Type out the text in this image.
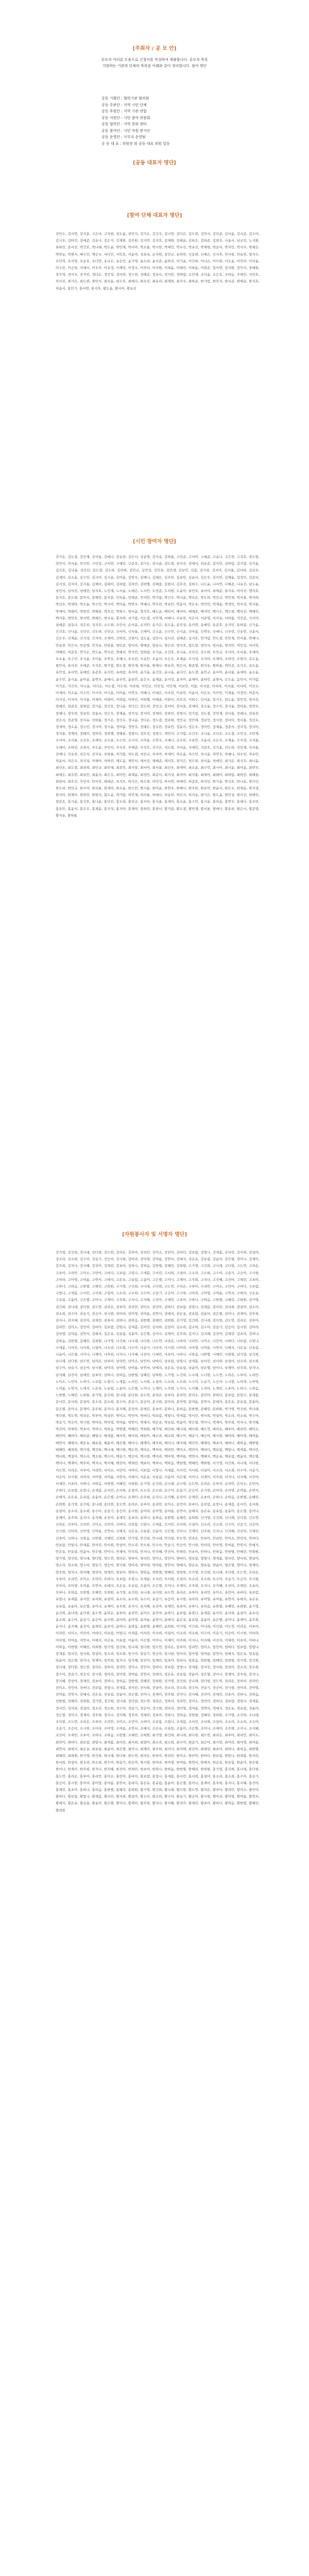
[주최자 / 공 모 안]
공모자 여러분 도움으로 신청서를 작성하여 제출합니다. 공모자 목록
지원하는 기관과 단체의 목록을 아래와 같이 정리합니다. 참여 명단
공동 기획단 : 협력기관 협의회
공동 주관단 : 지역 시민 단체
공동 후원단 : 지역 기관 연합
공동 지원단 : 시민 참여 위원회
공동 협력단 : 지역 문화 센터
공동 참여단 : 시민 자원 봉사단
공동 운영단 : 사무국 운영팀
공 동 대 표 : 위원장 외 공동 대표 위원 일동
[공동 대표자 명단]
[참여 단체 대표자 명단]
강민수, 강서연, 강지훈, 고은비, 구자현, 권도윤, 권민지, 김가은, 김건우, 김나연, 김다은, 김도현, 김민서, 김민준, 김서윤, 김서준, 김수아, 김시우, 김아린, 김예준, 김유나, 김은지, 김재원, 김주원, 김지안, 김지호, 김채원, 김태윤, 김하은, 김하준, 김현우, 나윤서, 남궁민, 노지환, 류하린, 문서진, 박건호, 박나래, 박도윤, 박민재, 박서아, 박소율, 박시현, 박예린, 박우진, 박유진, 박재현, 박준서, 박지민, 박지우, 박채은, 박하늘, 박현서, 배수민, 백승우, 서다인, 서민호, 서윤아, 성유리, 손지원, 송민규, 송하연, 신동현, 신예은, 신지후, 안서현, 안유찬, 양지수, 오민혁, 오서영, 오준호, 우다연, 유나은, 유승민, 윤가영, 윤도하, 윤서준, 윤하진, 이가윤, 이건희, 이나은, 이다현, 이도윤, 이민아, 이서윤, 이수빈, 이승현, 이예서, 이우주, 이유정, 이재민, 이정우, 이주아, 이지원, 이채윤, 이태민, 이하윤, 이현준, 임서연, 임지환, 장민서, 장예원, 장우혁, 전서우, 전지민, 정다은, 정민성, 정서하, 정수현, 정예준, 정유나, 정지안, 정하람, 조민재, 조서윤, 조은호, 조하늘, 주예린, 지민호, 차서진, 최가은, 최도현, 최민서, 최서윤, 최수호, 최예나, 최우진, 최유리, 최재희, 최지우, 최하준, 한가람, 한민지, 한서준, 한예슬, 한지호, 허윤서, 홍민기, 홍서연, 홍지후, 황도윤, 황서아, 황유진
[시민 참여자 명단]
강가온, 강도겸, 강민재, 강서율, 강예나, 강유찬, 강은서, 강준영, 강지유, 강하율, 고민준, 고서아, 고예준, 고유나, 고은찬, 고지호, 곽도현, 곽민서, 곽서윤, 곽지안, 구민성, 구서연, 구예린, 구준호, 권가은, 권나윤, 권도현, 권서진, 권예서, 권유준, 권지민, 권하람, 김가람, 김가윤, 김건호, 김나윤, 김다인, 김도겸, 김도하, 김라희, 김민규, 김민성, 김민유, 김민채, 김보민, 김봄, 김사랑, 김서아, 김서율, 김서하, 김선우, 김세아, 김소윤, 김수민, 김시아, 김시윤, 김아윤, 김연우, 김예나, 김예은, 김우빈, 김유안, 김윤서, 김은우, 김이안, 김재윤, 김정민, 김준서, 김지성, 김지아, 김지율, 김채아, 김태이, 김하람, 김하린, 김하엘, 김해솔, 김현서, 김호진, 김희수, 나도윤, 나서연, 나예준, 나유진, 남도윤, 남민서, 남서진, 남예린, 남지호, 노민재, 노서윤, 노예은, 노지안, 도민준, 도서현, 도윤아, 류민호, 류서아, 류예준, 류지유, 마서진, 맹지호, 문가은, 문도현, 문민서, 문예린, 문지훈, 민서윤, 민예준, 민지안, 박가람, 박건우, 박나윤, 박다온, 박도하, 박민규, 박민채, 박서율, 박서하, 박선우, 박세아, 박소윤, 박수민, 박시아, 박아윤, 박연우, 박예나, 박우빈, 박유안, 박윤서, 박은우, 박이안, 박재윤, 박정민, 박지성, 박지율, 박채아, 박태이, 박하린, 박해솔, 박호진, 박희수, 방서윤, 방지호, 배도윤, 배민서, 배서아, 배예준, 배지안, 백가은, 백도현, 백서진, 백예린, 백지훈, 변민호, 변서연, 변예은, 변지유, 봉서하, 서가람, 서도겸, 서민재, 서예나, 서유찬, 서은서, 서준영, 서지유, 서하율, 석민준, 석서아, 설예준, 설유나, 성은찬, 성지호, 소도현, 소민서, 손서윤, 손지안, 송가은, 송도윤, 송민성, 송서연, 송예린, 송준호, 송지민, 송하람, 신가윤, 신건호, 신나윤, 신다인, 신도하, 신민규, 신서아, 신서율, 신세아, 신소윤, 신수민, 신시윤, 신아윤, 신연우, 신예나, 신우빈, 신유안, 신윤서, 신은우, 신재윤, 신지성, 신지아, 신채아, 신하린, 신현서, 심도윤, 심민서, 심서진, 심예준, 심지호, 안가람, 안도겸, 안민재, 안서율, 안예나, 안유찬, 안은서, 안준영, 안지유, 안하율, 양민준, 양서아, 양예준, 양유나, 양은찬, 양지호, 엄도현, 엄민서, 엄서윤, 엄지안, 여민성, 여서연, 여예린, 여준호, 연가은, 연도윤, 연서진, 연예서, 연지민, 염하람, 오가윤, 오건호, 오나윤, 오다인, 오도하, 오민규, 오서아, 오서율, 오세아, 오소윤, 오수민, 오시윤, 오아윤, 오연우, 오예나, 오우빈, 오유안, 오윤서, 오은우, 오재윤, 오지성, 오지아, 오채아, 오하린, 오현서, 옥도윤, 왕민서, 용서진, 우예준, 우지호, 원가람, 원도겸, 원민재, 원서율, 원예나, 원유찬, 원은서, 원준영, 원지유, 원하율, 위민준, 유가은, 유도윤, 유민성, 유서연, 유예린, 유준호, 유지민, 유하람, 육서아, 윤가윤, 윤건호, 윤나윤, 윤다인, 윤도겸, 윤민규, 윤서아, 윤서율, 윤세아, 윤소윤, 윤수민, 윤시윤, 윤아윤, 윤연우, 윤예나, 윤우빈, 윤유안, 윤은우, 윤재윤, 윤지성, 윤지아, 윤채아, 윤하린, 윤현서, 은도윤, 음민서, 이가람, 이가온, 이건우, 이나윤, 이다온, 이도겸, 이도하, 이라희, 이민규, 이민성, 이민채, 이보민, 이봄, 이사랑, 이서아, 이서율, 이서하, 이선우, 이세아, 이소윤, 이수민, 이시아, 이시윤, 이아윤, 이연우, 이예나, 이예은, 이우빈, 이유안, 이윤서, 이은우, 이이안, 이재윤, 이정민, 이준서, 이지성, 이지아, 이지율, 이채아, 이태이, 이하람, 이하린, 이하엘, 이해솔, 이현서, 이호진, 이희수, 인서윤, 임가은, 임도윤, 임민성, 임서진, 임예린, 임준호, 임하람, 장가윤, 장건호, 장나윤, 장다인, 장도하, 장민규, 장서아, 장서율, 장세아, 장소윤, 장수민, 장시윤, 장아윤, 장연우, 장예나, 장우빈, 장유안, 장윤서, 장은우, 장재윤, 장지성, 장지아, 장채아, 장하린, 장현서, 전가람, 전도겸, 전민재, 전서율, 전예나, 전유찬, 전은서, 전준영, 전지유, 전하율, 정가온, 정건우, 정나윤, 정다온, 정도겸, 정라희, 정민규, 정민채, 정보민, 정사랑, 정서아, 정서율, 정선우, 정세아, 정소윤, 정수민, 정시아, 정시윤, 정아윤, 정연우, 정예은, 정우빈, 정유안, 정윤서, 정은우, 정이안, 정재윤, 정준서, 정지성, 정지아, 정지율, 정채아, 정태이, 정하린, 정하엘, 정해솔, 정현서, 정호진, 정희수, 제민서, 조가람, 조건우, 조나윤, 조다온, 조도겸, 조민규, 조민채, 조서아, 조서율, 조선우, 조세아, 조소윤, 조수민, 조시아, 조아윤, 조연우, 조예나, 조우빈, 조유안, 조윤서, 조은우, 조재윤, 조지성, 조지율, 조채아, 조하린, 조현서, 주도윤, 주민서, 주서진, 주예준, 주지호, 지가은, 지도현, 지서윤, 지예린, 지준호, 진가윤, 진도하, 진민재, 진서율, 진예나, 진유찬, 진은서, 진지유, 진하율, 차가람, 차도겸, 차민규, 차서아, 차세아, 차소윤, 차수민, 차시윤, 차연우, 차예나, 차우빈, 차유안, 차윤서, 차은우, 차지성, 차채아, 차하린, 채도윤, 채민서, 채서진, 채예준, 채지호, 천가은, 천도현, 천서윤, 천예린, 최가온, 최건우, 최나윤, 최다온, 최도겸, 최라희, 최민규, 최민채, 최보민, 최사랑, 최서아, 최서율, 최선우, 최세아, 최소윤, 최수민, 최시아, 최시윤, 최아윤, 최연우, 최예은, 최우빈, 최유안, 최윤서, 최은우, 최이안, 최재윤, 최정민, 최준서, 최지성, 최지아, 최지율, 최채아, 최태이, 최하람, 최하린, 최해솔, 최현서, 최호진, 추민서, 탁서진, 태예준, 표지호, 하가은, 하도현, 하민성, 하서연, 하예린, 하준호, 하지민, 한가윤, 한건호, 한나윤, 한다인, 한도하, 한민규, 한서아, 한서율, 한세아, 한소윤, 한수민, 한시윤, 한아윤, 한연우, 한예나, 한우빈, 한유안, 한윤서, 한은우, 한재윤, 한지성, 한지아, 한채아, 한하린, 한현서, 함도윤, 허가람, 허민재, 허서율, 허예나, 허유찬, 허은서, 허지유, 현가은, 현도윤, 현민성, 현서진, 현예린, 현준호, 홍가윤, 홍건호, 홍나윤, 홍다인, 홍도하, 홍민규, 홍서아, 홍서율, 홍세아, 홍소윤, 홍수민, 홍시윤, 홍아윤, 홍연우, 홍예나, 홍우빈, 홍유안, 홍윤서, 홍은우, 홍재윤, 홍지성, 홍지아, 홍채아, 홍하린, 홍현서, 황가람, 황도겸, 황민재, 황서율, 황예나, 황유찬, 황은서, 황준영, 황지유, 황하율
[자원봉사자 및 서명자 명단]
강가영, 강건희, 강나래, 강다현, 강도연, 강라온, 강루아, 강리안, 강미소, 강민아, 강바다, 강보람, 강빛나, 강새봄, 강서린, 강서희, 강설아, 강소라, 강소희, 강수아, 강슬기, 강승아, 강시현, 강아라, 강아영, 강여름, 강연서, 강예지, 강온유, 강유림, 강윤아, 강은별, 강이나, 강재이, 강주희, 강지나, 강지혜, 강진아, 강채린, 강초아, 강하나, 강하음, 강한별, 강혜린, 강희원, 고가영, 고건희, 고나래, 고다현, 고도연, 고라온, 고루아, 고리안, 고미소, 고민아, 고바다, 고보람, 고빛나, 고새봄, 고서린, 고서희, 고설아, 고소라, 고소희, 고수아, 고슬기, 고승아, 고시현, 고아라, 고아영, 고여름, 고연서, 고예지, 고온유, 고유림, 고윤아, 고은별, 고이나, 고재이, 고주희, 고지나, 고지혜, 고진아, 고채린, 고초아, 고하나, 고하음, 고한별, 고혜린, 고희원, 구가영, 구건희, 구나래, 구다현, 구도연, 구라온, 구루아, 구리안, 구미소, 구민아, 구바다, 구보람, 구빛나, 구새봄, 구서린, 구서희, 구설아, 구소라, 구소희, 구수아, 구슬기, 구승아, 구시현, 구아라, 구아영, 구여름, 구연서, 구예지, 구온유, 구유림, 구윤아, 구은별, 구이나, 구재이, 구주희, 구지나, 구지혜, 구진아, 구채린, 구초아, 구하나, 구하음, 구한별, 구혜린, 구희원, 권가영, 권건희, 권나래, 권다현, 권도연, 권라온, 권루아, 권리안, 권미소, 권민아, 권바다, 권보람, 권빛나, 권새봄, 권서린, 권서희, 권설아, 권소라, 권소희, 권수아, 권슬기, 권승아, 권시현, 권아라, 권아영, 권여름, 권연서, 권예지, 권온유, 권유림, 권윤아, 권은별, 권이나, 권재이, 권주희, 권지나, 권지혜, 권진아, 권채린, 권초아, 권하나, 권하음, 권한별, 권혜린, 권희원, 김가영, 김건희, 김나래, 김다현, 김도연, 김라온, 김루아, 김리안, 김미소, 김민아, 김바다, 김보람, 김빛나, 김새봄, 김서린, 김서희, 김설아, 김소라, 김소희, 김수아, 김슬기, 김승아, 김시현, 김아라, 김아영, 김여름, 김연서, 김예지, 김온유, 김유림, 김윤아, 김은별, 김이나, 김재이, 김주희, 김지나, 김지혜, 김진아, 김채린, 김초아, 김하나, 김하음, 김한별, 김혜린, 김희원, 나가영, 나건희, 나나래, 나다현, 나도연, 나라온, 나루아, 나리안, 나미소, 나민아, 나바다, 나보람, 나빛나, 나새봄, 나서린, 나서희, 나설아, 나소라, 나소희, 나수아, 나슬기, 나승아, 나시현, 나아라, 나아영, 나여름, 나연서, 나예지, 나온유, 나유림, 나윤아, 나은별, 나이나, 나재이, 나주희, 나지나, 나지혜, 나진아, 나채린, 나초아, 나하나, 나하음, 나한별, 나혜린, 나희원, 남가영, 남건희, 남나래, 남다현, 남도연, 남라온, 남루아, 남리안, 남미소, 남민아, 남바다, 남보람, 남빛나, 남새봄, 남서린, 남서희, 남설아, 남소라, 남소희, 남수아, 남슬기, 남승아, 남시현, 남아라, 남아영, 남여름, 남연서, 남예지, 남온유, 남유림, 남윤아, 남은별, 남이나, 남재이, 남주희, 남지나, 남지혜, 남진아, 남채린, 남초아, 남하나, 남하음, 남한별, 남혜린, 남희원, 노가영, 노건희, 노나래, 노다현, 노도연, 노라온, 노루아, 노리안, 노미소, 노민아, 노바다, 노보람, 노빛나, 노새봄, 노서린, 노서희, 노설아, 노소라, 노소희, 노수아, 노슬기, 노승아, 노시현, 노아라, 노아영, 노여름, 노연서, 노예지, 노온유, 노유림, 노윤아, 노은별, 노이나, 노재이, 노주희, 노지나, 노지혜, 노진아, 노채린, 노초아, 노하나, 노하음, 노한별, 노혜린, 노희원, 문가영, 문건희, 문나래, 문다현, 문도연, 문라온, 문루아, 문리안, 문미소, 문민아, 문바다, 문보람, 문빛나, 문새봄, 문서린, 문서희, 문설아, 문소라, 문소희, 문수아, 문슬기, 문승아, 문시현, 문아라, 문아영, 문여름, 문연서, 문예지, 문온유, 문유림, 문윤아, 문은별, 문이나, 문재이, 문주희, 문지나, 문지혜, 문진아, 문채린, 문초아, 문하나, 문하음, 문한별, 문혜린, 문희원, 박가영, 박건희, 박나래, 박다현, 박도연, 박라온, 박루아, 박리안, 박미소, 박민아, 박바다, 박보람, 박빛나, 박새봄, 박서린, 박서희, 박설아, 박소라, 박소희, 박수아, 박슬기, 박승아, 박시현, 박아라, 박아영, 박여름, 박연서, 박예지, 박온유, 박유림, 박윤아, 박은별, 박이나, 박재이, 박주희, 박지나, 박지혜, 박진아, 박채린, 박초아, 박하나, 박하음, 박한별, 박혜린, 박희원, 배가영, 배건희, 배나래, 배다현, 배도연, 배라온, 배루아, 배리안, 배미소, 배민아, 배바다, 배보람, 배빛나, 배새봄, 배서린, 배서희, 배설아, 배소라, 배소희, 배수아, 배슬기, 배승아, 배시현, 배아라, 배아영, 배여름, 배연서, 배예지, 배온유, 배유림, 배윤아, 배은별, 배이나, 배재이, 배주희, 배지나, 배지혜, 배진아, 배채린, 배초아, 배하나, 배하음, 배한별, 배혜린, 배희원, 백가영, 백건희, 백나래, 백다현, 백도연, 백라온, 백루아, 백리안, 백미소, 백민아, 백바다, 백보람, 백빛나, 백새봄, 백서린, 백서희, 백설아, 백소라, 백소희, 백수아, 백슬기, 백승아, 백시현, 백아라, 백아영, 백여름, 백연서, 백예지, 백온유, 백유림, 백윤아, 백은별, 백이나, 백재이, 백주희, 백지나, 백지혜, 백진아, 백채린, 백초아, 백하나, 백하음, 백한별, 백혜린, 백희원, 서가영, 서건희, 서나래, 서다현, 서도연, 서라온, 서루아, 서리안, 서미소, 서민아, 서바다, 서보람, 서빛나, 서새봄, 서서린, 서서희, 서설아, 서소라, 서소희, 서수아, 서슬기, 서승아, 서시현, 서아라, 서아영, 서여름, 서연서, 서예지, 서온유, 서유림, 서윤아, 서은별, 서이나, 서재이, 서주희, 서지나, 서지혜, 서진아, 서채린, 서초아, 서하나, 서하음, 서한별, 서혜린, 서희원, 손가영, 손건희, 손나래, 손다현, 손도연, 손라온, 손루아, 손리안, 손미소, 손민아, 손바다, 손보람, 손빛나, 손새봄, 손서린, 손서희, 손설아, 손소라, 손소희, 손수아, 손슬기, 손승아, 손시현, 손아라, 손아영, 손여름, 손연서, 손예지, 손온유, 손유림, 손윤아, 손은별, 손이나, 손재이, 손주희, 손지나, 손지혜, 손진아, 손채린, 손초아, 손하나, 손하음, 손한별, 손혜린, 손희원, 송가영, 송건희, 송나래, 송다현, 송도연, 송라온, 송루아, 송리안, 송미소, 송민아, 송바다, 송보람, 송빛나, 송새봄, 송서린, 송서희, 송설아, 송소라, 송소희, 송수아, 송슬기, 송승아, 송시현, 송아라, 송아영, 송여름, 송연서, 송예지, 송온유, 송유림, 송윤아, 송은별, 송이나, 송재이, 송주희, 송지나, 송지혜, 송진아, 송채린, 송초아, 송하나, 송하음, 송한별, 송혜린, 송희원, 신가영, 신건희, 신나래, 신다현, 신도연, 신라온, 신루아, 신리안, 신미소, 신민아, 신바다, 신보람, 신빛나, 신새봄, 신서린, 신서희, 신설아, 신소라, 신소희, 신수아, 신슬기, 신승아, 신시현, 신아라, 신아영, 신여름, 신연서, 신예지, 신온유, 신유림, 신윤아, 신은별, 신이나, 신재이, 신주희, 신지나, 신지혜, 신진아, 신채린, 신초아, 신하나, 신하음, 신한별, 신혜린, 신희원, 안가영, 안건희, 안나래, 안다현, 안도연, 안라온, 안루아, 안리안, 안미소, 안민아, 안바다, 안보람, 안빛나, 안새봄, 안서린, 안서희, 안설아, 안소라, 안소희, 안수아, 안슬기, 안승아, 안시현, 안아라, 안아영, 안여름, 안연서, 안예지, 안온유, 안유림, 안윤아, 안은별, 안이나, 안재이, 안주희, 안지나, 안지혜, 안진아, 안채린, 안초아, 안하나, 안하음, 안한별, 안혜린, 안희원, 양가영, 양건희, 양나래, 양다현, 양도연, 양라온, 양루아, 양리안, 양미소, 양민아, 양바다, 양보람, 양빛나, 양새봄, 양서린, 양서희, 양설아, 양소라, 양소희, 양수아, 양슬기, 양승아, 양시현, 양아라, 양아영, 양여름, 양연서, 양예지, 양온유, 양유림, 양윤아, 양은별, 양이나, 양재이, 양주희, 양지나, 양지혜, 양진아, 양채린, 양초아, 양하나, 양하음, 양한별, 양혜린, 양희원, 오가영, 오건희, 오나래, 오다현, 오도연, 오라온, 오루아, 오리안, 오미소, 오민아, 오바다, 오보람, 오빛나, 오새봄, 오서린, 오서희, 오설아, 오소라, 오소희, 오수아, 오슬기, 오승아, 오시현, 오아라, 오아영, 오여름, 오연서, 오예지, 오온유, 오유림, 오윤아, 오은별, 오이나, 오재이, 오주희, 오지나, 오지혜, 오진아, 오채린, 오초아, 오하나, 오하음, 오한별, 오혜린, 오희원, 유가영, 유건희, 유나래, 유다현, 유도연, 유라온, 유루아, 유리안, 유미소, 유민아, 유바다, 유보람, 유빛나, 유새봄, 유서린, 유서희, 유설아, 유소라, 유소희, 유수아, 유슬기, 유승아, 유시현, 유아라, 유아영, 유여름, 유연서, 유예지, 유온유, 유유림, 유윤아, 유은별, 유이나, 유재이, 유주희, 유지나, 유지혜, 유진아, 유채린, 유초아, 유하나, 유하음, 유한별, 유혜린, 유희원, 윤가영, 윤건희, 윤나래, 윤다현, 윤도연, 윤라온, 윤루아, 윤리안, 윤미소, 윤민아, 윤바다, 윤보람, 윤빛나, 윤새봄, 윤서린, 윤서희, 윤설아, 윤소라, 윤소희, 윤수아, 윤슬기, 윤승아, 윤시현, 윤아라, 윤아영, 윤여름, 윤연서, 윤예지, 윤온유, 윤유림, 윤윤아, 윤은별, 윤이나, 윤재이, 윤주희, 윤지나, 윤지혜, 윤진아, 윤채린, 윤초아, 윤하나, 윤하음, 윤한별, 윤혜린, 윤희원, 이가영, 이건희, 이나래, 이다현, 이도연, 이라온, 이루아, 이리안, 이미소, 이민아, 이바다, 이보람, 이빛나, 이새봄, 이서린, 이서희, 이설아, 이소라, 이소희, 이수아, 이슬기, 이승아, 이시현, 이아라, 이아영, 이여름, 이연서, 이예지, 이온유, 이유림, 이윤아, 이은별, 이이나, 이재이, 이주희, 이지나, 이지혜, 이진아, 이채린, 이초아, 이하나, 이하음, 이한별, 이혜린, 이희원, 임가영, 임건희, 임나래, 임다현, 임도연, 임라온, 임루아, 임리안, 임미소, 임민아, 임바다, 임보람, 임빛나, 임새봄, 임서린, 임서희, 임설아, 임소라, 임소희, 임수아, 임슬기, 임승아, 임시현, 임아라, 임아영, 임여름, 임연서, 임예지, 임온유, 임유림, 임윤아, 임은별, 임이나, 임재이, 임주희, 임지나, 임지혜, 임진아, 임채린, 임초아, 임하나, 임하음, 임한별, 임혜린, 임희원, 장가영, 장건희, 장나래, 장다현, 장도연, 장라온, 장루아, 장리안, 장미소, 장민아, 장바다, 장보람, 장빛나, 장새봄, 장서린, 장서희, 장설아, 장소라, 장소희, 장수아, 장슬기, 장승아, 장시현, 장아라, 장아영, 장여름, 장연서, 장예지, 장온유, 장유림, 장윤아, 장은별, 장이나, 장재이, 장주희, 장지나, 장지혜, 장진아, 장채린, 장초아, 장하나, 장하음, 장한별, 장혜린, 장희원, 전가영, 전건희, 전나래, 전다현, 전도연, 전라온, 전루아, 전리안, 전미소, 전민아, 전바다, 전보람, 전빛나, 전새봄, 전서린, 전서희, 전설아, 전소라, 전소희, 전수아, 전슬기, 전승아, 전시현, 전아라, 전아영, 전여름, 전연서, 전예지, 전온유, 전유림, 전윤아, 전은별, 전이나, 전재이, 전주희, 전지나, 전지혜, 전진아, 전채린, 전초아, 전하나, 전하음, 전한별, 전혜린, 전희원, 정가영, 정건희, 정나래, 정다현, 정도연, 정라온, 정루아, 정리안, 정미소, 정민아, 정바다, 정보람, 정빛나, 정새봄, 정서린, 정서희, 정설아, 정소라, 정소희, 정수아, 정슬기, 정승아, 정시현, 정아라, 정아영, 정여름, 정연서, 정예지, 정온유, 정유림, 정윤아, 정은별, 정이나, 정재이, 정주희, 정지나, 정지혜, 정진아, 정채린, 정초아, 정하나, 정하음, 정한별, 정혜린, 정희원, 조가영, 조건희, 조나래, 조다현, 조도연, 조라온, 조루아, 조리안, 조미소, 조민아, 조바다, 조보람, 조빛나, 조새봄, 조서린, 조서희, 조설아, 조소라, 조소희, 조수아, 조슬기, 조승아, 조시현, 조아라, 조아영, 조여름, 조연서, 조예지, 조온유, 조유림, 조윤아, 조은별, 조이나, 조재이, 조주희, 조지나, 조지혜, 조진아, 조채린, 조초아, 조하나, 조하음, 조한별, 조혜린, 조희원, 최가영, 최건희, 최나래, 최다현, 최도연, 최라온, 최루아, 최리안, 최미소, 최민아, 최바다, 최보람, 최빛나, 최새봄, 최서린, 최서희, 최설아, 최소라, 최소희, 최수아, 최슬기, 최승아, 최시현, 최아라, 최아영, 최여름, 최연서, 최예지, 최온유, 최유림, 최윤아, 최은별, 최이나, 최재이, 최주희, 최지나, 최지혜, 최진아, 최채린, 최초아, 최하나, 최하음, 최한별, 최혜린, 최희원, 한가영, 한건희, 한나래, 한다현, 한도연, 한라온, 한루아, 한리안, 한미소, 한민아, 한바다, 한보람, 한빛나, 한새봄, 한서린, 한서희, 한설아, 한소라, 한소희, 한수아, 한슬기, 한승아, 한시현, 한아라, 한아영, 한여름, 한연서, 한예지, 한온유, 한유림, 한윤아, 한은별, 한이나, 한재이, 한주희, 한지나, 한지혜, 한진아, 한채린, 한초아, 한하나, 한하음, 한한별, 한혜린, 한희원, 홍가영, 홍건희, 홍나래, 홍다현, 홍도연, 홍라온, 홍루아, 홍리안, 홍미소, 홍민아, 홍바다, 홍보람, 홍빛나, 홍새봄, 홍서린, 홍서희, 홍설아, 홍소라, 홍소희, 홍수아, 홍슬기, 홍승아, 홍시현, 홍아라, 홍아영, 홍여름, 홍연서, 홍예지, 홍온유, 홍유림, 홍윤아, 홍은별, 홍이나, 홍재이, 홍주희, 홍지나, 홍지혜, 홍진아, 홍채린, 홍초아, 홍하나, 홍하음, 홍한별, 홍혜린, 홍희원, 황가영, 황건희, 황나래, 황다현, 황도연, 황라온, 황루아, 황리안, 황미소, 황민아, 황바다, 황보람, 황빛나, 황새봄, 황서린, 황서희, 황설아, 황소라, 황소희, 황수아, 황슬기, 황승아, 황시현, 황아라, 황아영, 황여름, 황연서, 황예지, 황온유, 황유림, 황윤아, 황은별, 황이나, 황재이, 황주희, 황지나, 황지혜, 황진아, 황채린, 황초아, 황하나, 황하음, 황한별, 황혜린, 황희원
